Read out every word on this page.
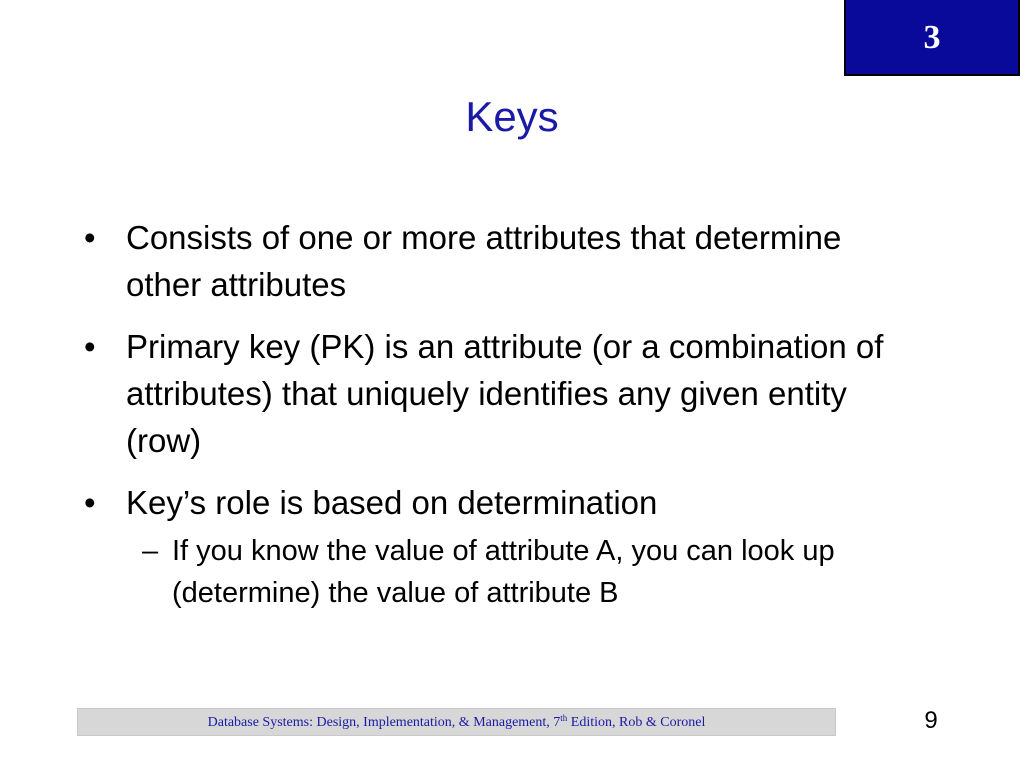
3
Keys
• Consists of one or more attributes that determine other attributes
• Primary key (PK) is an attribute (or a combination of attributes) that uniquely identifies any given entity (row)
• Key’s role is based on determination
– If you know the value of attribute A, you can look up (determine) the value of attribute B
Database Systems: Design, Implementation, & Management, 7th Edition, Rob & Coronel	9
